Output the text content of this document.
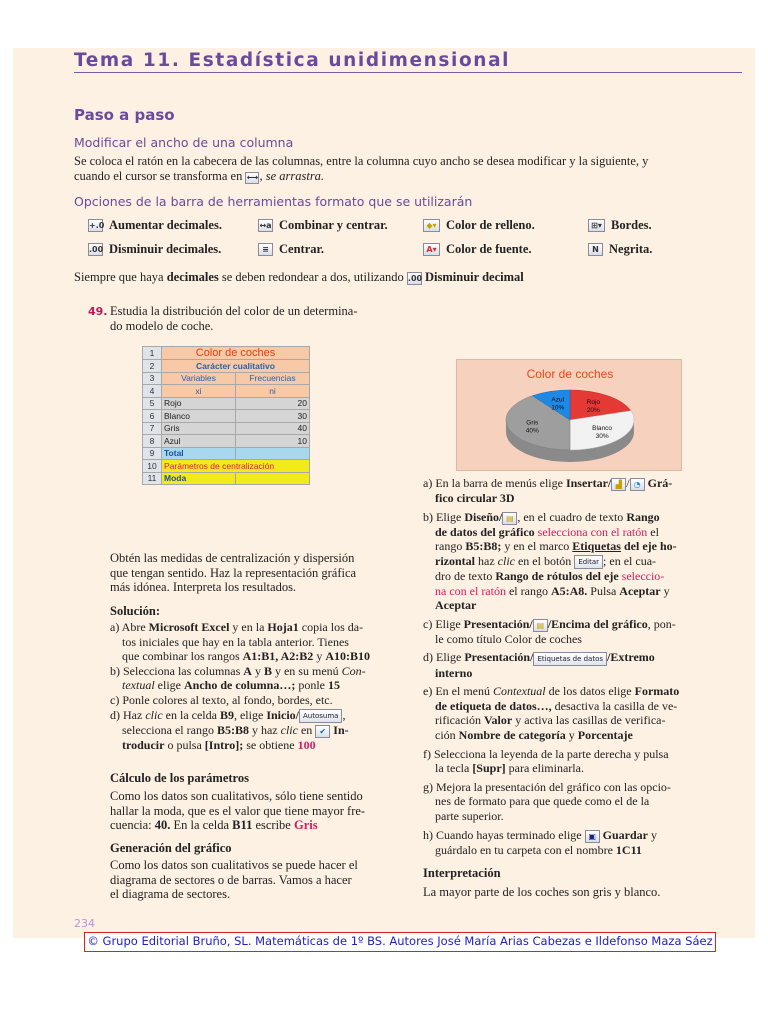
Tema 11. Estadística unidimensional
Paso a paso
Modificar el ancho de una columna
Se coloca el ratón en la cabecera de las columnas, entre la columna cuyo ancho se desea modificar y la siguiente, y
cuando el cursor se transforma en ⟷, se arrastra.
Opciones de la barra de herramientas formato que se utilizarán
+.0 Aumentar decimales.	↔a Combinar y centrar.	◆▾ Color de relleno.	⊞▾ Bordes.
.00 Disminuir decimales.	≡ Centrar.	A▾ Color de fuente.	N Negrita.
Siempre que haya decimales se deben redondear a dos, utilizando .00 Disminuir decimal
49. Estudia la distribución del color de un determina-
do modelo de coche.
1	Color de coches	
2	Carácter cualitativo	
3	Variables	Frecuencias
4	xi	ni
5	Rojo	20
6	Blanco	30
7	Gris	40
8	Azul	10
9	Total	
10	Parámetros de centralización	
11	Moda	
Obtén las medidas de centralización y dispersión
que tengan sentido. Haz la representación gráfica
más idónea. Interpreta los resultados.
Solución:
a) Abre Microsoft Excel y en la Hoja1 copia los da-
tos iniciales que hay en la tabla anterior. Tienes
que combinar los rangos A1:B1, A2:B2 y A10:B10
b) Selecciona las columnas A y B y en su menú Con-
textual elige Ancho de columna…; ponle 15
c) Ponle colores al texto, al fondo, bordes, etc.
d) Haz clic en la celda B9, elige Inicio/ Autosuma ,
selecciona el rango B5:B8 y haz clic en ✔ In-
troducir o pulsa [Intro]; se obtiene 100
Cálculo de los parámetros
Como los datos son cualitativos, sólo tiene sentido
hallar la moda, que es el valor que tiene mayor fre-
cuencia: 40. En la celda B11 escribe Gris
Generación del gráfico
Como los datos son cualitativos se puede hacer el
diagrama de sectores o de barras. Vamos a hacer
el diagrama de sectores.
Color de coches
Rojo
20%
Blanco
30%
Gris
40%
Azul
10%
a) En la barra de menús elige Insertar/ ▟ / ◔ Grá-
fico circular 3D
b) Elige Diseño/ ▤ , en el cuadro de texto Rango
de datos del gráfico selecciona con el ratón el
rango B5:B8; y en el marco Etiquetas del eje ho-
rizontal haz clic en el botón Editar ; en el cua-
dro de texto Rango de rótulos del eje seleccio-
na con el ratón el rango A5:A8. Pulsa Aceptar y
Aceptar
c) Elige Presentación/ ▤ /Encima del gráfico, pon-
le como título Color de coches
d) Elige Presentación/ Etiquetas de datos /Extremo
interno
e) En el menú Contextual de los datos elige Formato
de etiqueta de datos…, desactiva la casilla de ve-
rificación Valor y activa las casillas de verifica-
ción Nombre de categoría y Porcentaje
f) Selecciona la leyenda de la parte derecha y pulsa
la tecla [Supr] para eliminarla.
g) Mejora la presentación del gráfico con las opcio-
nes de formato para que quede como el de la
parte superior.
h) Cuando hayas terminado elige ▣ Guardar y
guárdalo en tu carpeta con el nombre 1C11
Interpretación
La mayor parte de los coches son gris y blanco.
234
© Grupo Editorial Bruño, SL. Matemáticas de 1º BS. Autores José María Arias Cabezas e Ildefonso Maza Sáez
